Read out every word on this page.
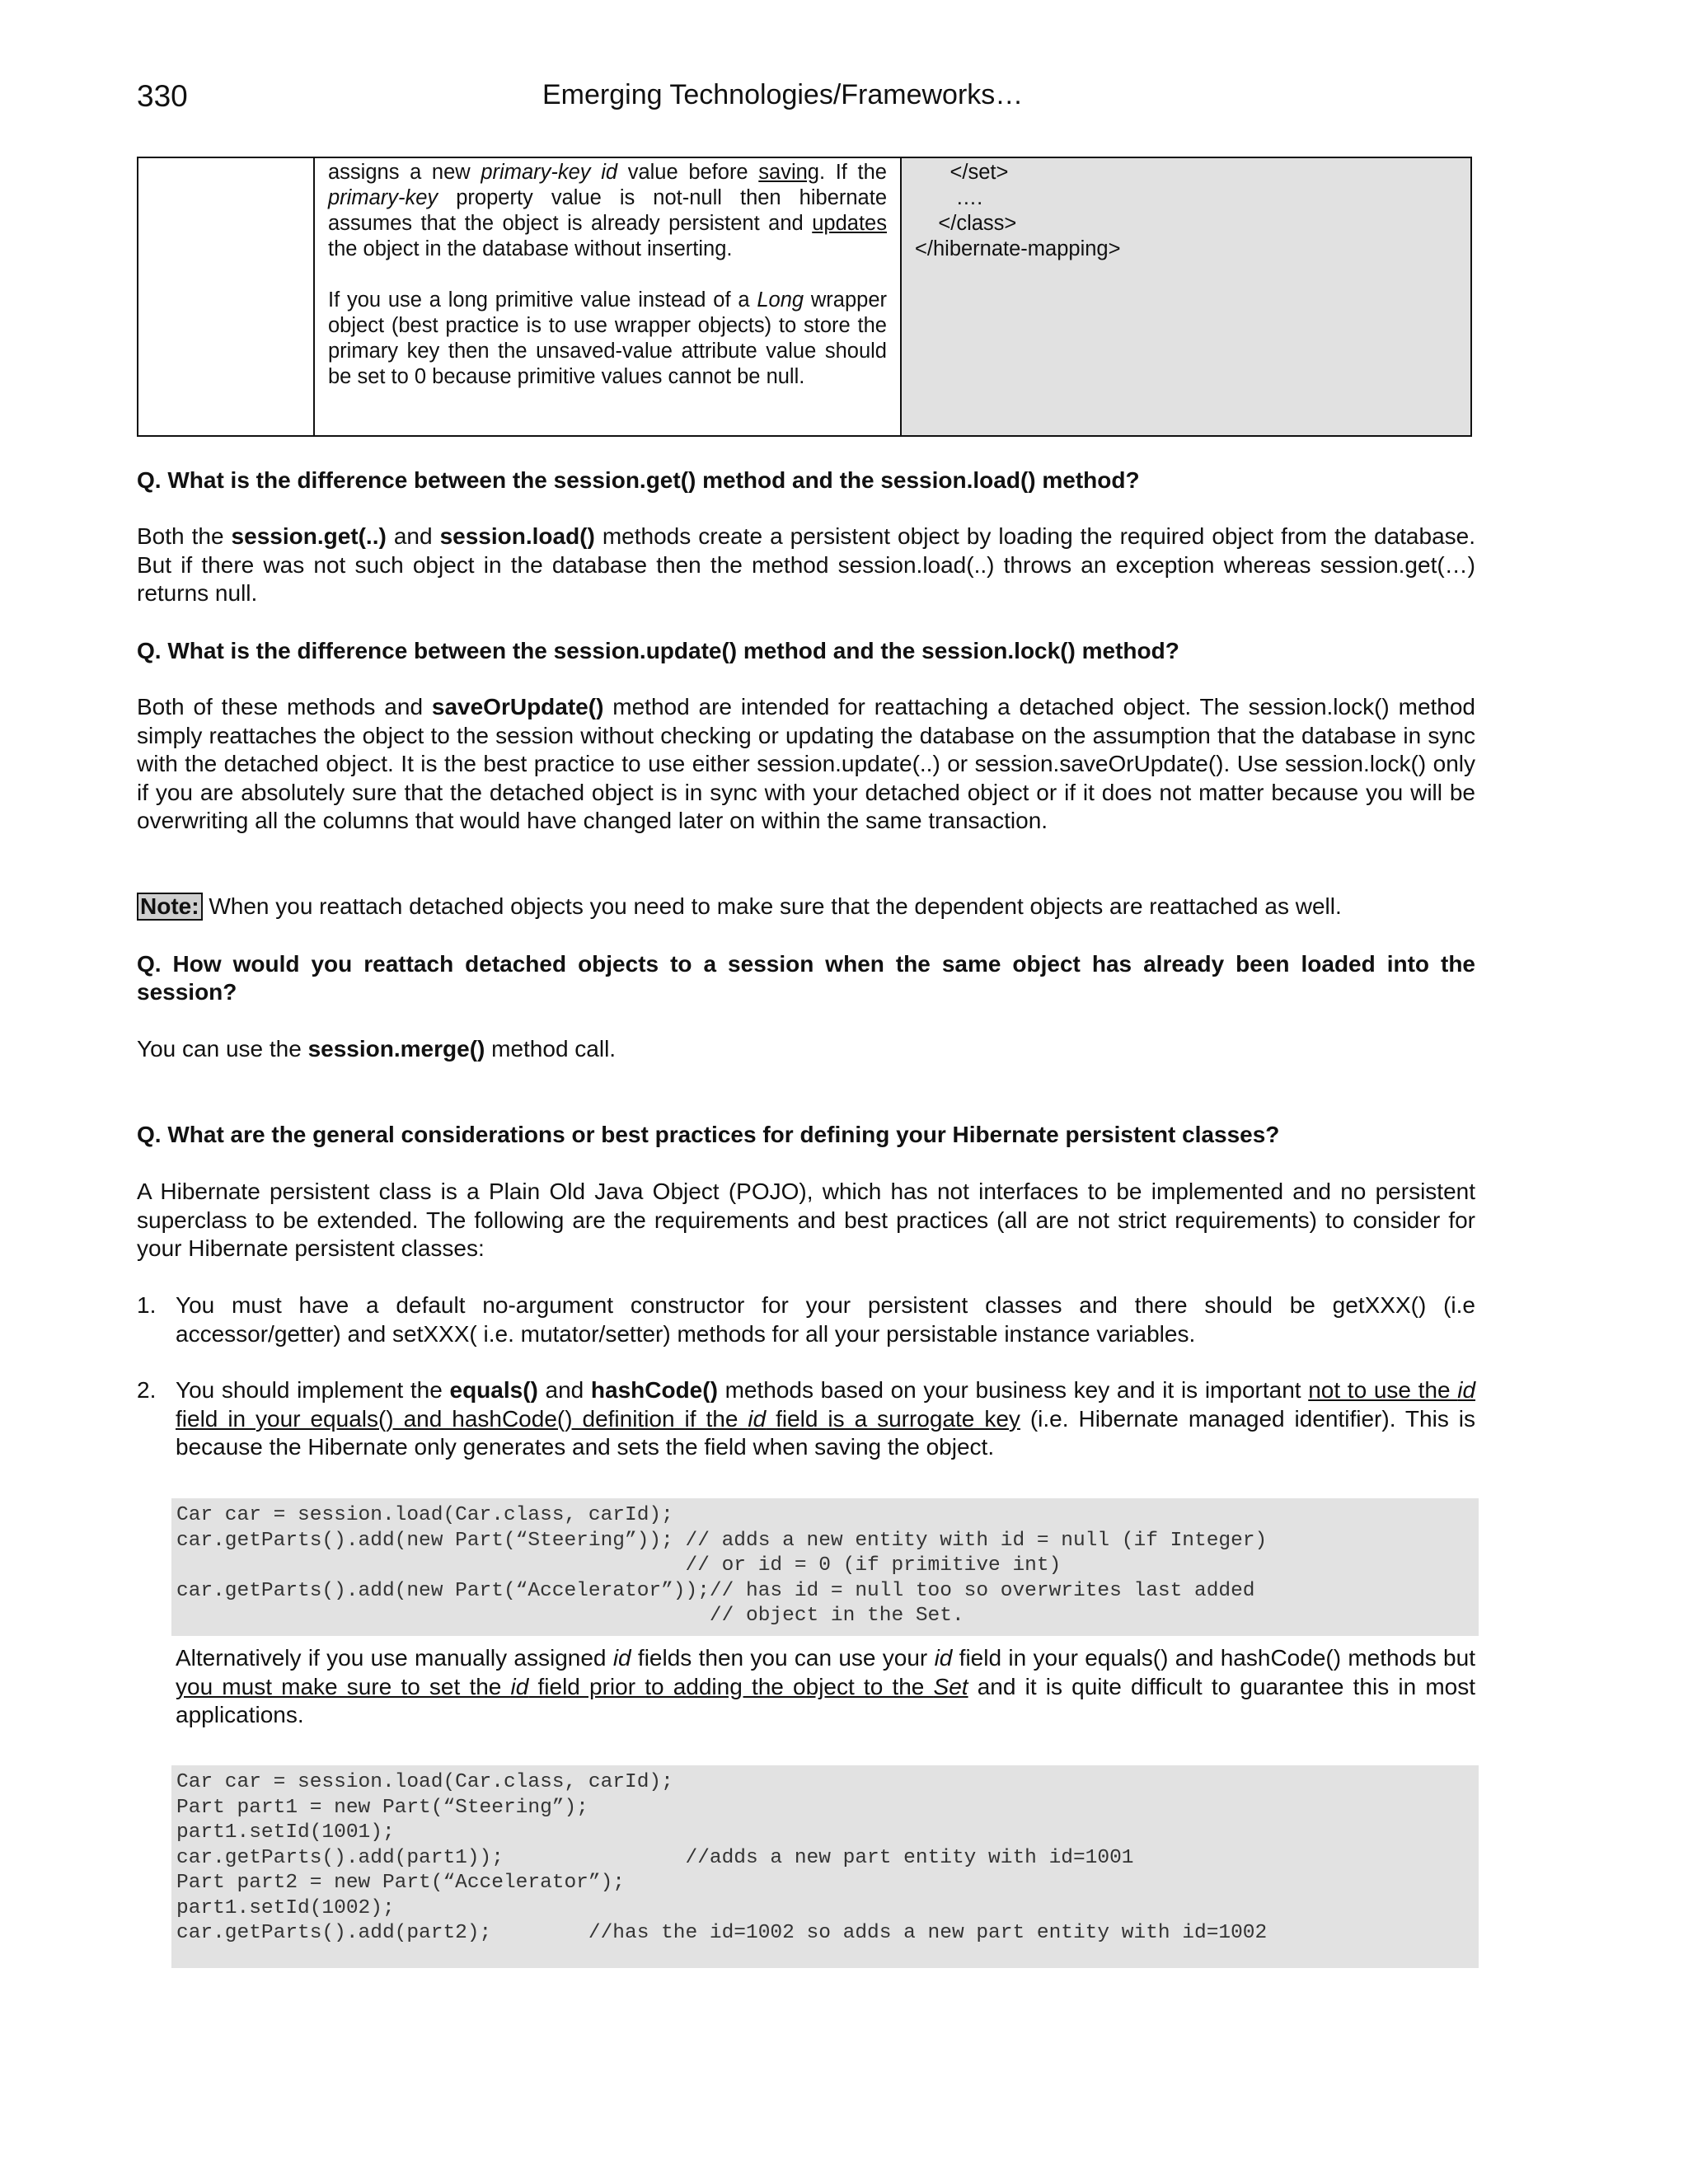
330	Emerging Technologies/Frameworks…

assigns a new primary-key id value before saving. If the primary-key property value is not-null then hibernate assumes that the object is already persistent and updates the object in the database without inserting.

If you use a long primitive value instead of a Long wrapper object (best practice is to use wrapper objects) to store the primary key then the unsaved-value attribute value should be set to 0 because primitive values cannot be null.

</set>
….
</class>
</hibernate-mapping>

Q. What is the difference between the session.get() method and the session.load() method?

Both the session.get(..) and session.load() methods create a persistent object by loading the required object from the database. But if there was not such object in the database then the method session.load(..) throws an exception whereas session.get(…) returns null.

Q. What is the difference between the session.update() method and the session.lock() method?

Both of these methods and saveOrUpdate() method are intended for reattaching a detached object. The session.lock() method simply reattaches the object to the session without checking or updating the database on the assumption that the database in sync with the detached object. It is the best practice to use either session.update(..) or session.saveOrUpdate(). Use session.lock() only if you are absolutely sure that the detached object is in sync with your detached object or if it does not matter because you will be overwriting all the columns that would have changed later on within the same transaction.

Note: When you reattach detached objects you need to make sure that the dependent objects are reattached as well.

Q. How would you reattach detached objects to a session when the same object has already been loaded into the session?

You can use the session.merge() method call.

Q. What are the general considerations or best practices for defining your Hibernate persistent classes?

A Hibernate persistent class is a Plain Old Java Object (POJO), which has not interfaces to be implemented and no persistent superclass to be extended. The following are the requirements and best practices (all are not strict requirements) to consider for your Hibernate persistent classes:

1. You must have a default no-argument constructor for your persistent classes and there should be getXXX() (i.e accessor/getter) and setXXX( i.e. mutator/setter) methods for all your persistable instance variables.
2. You should implement the equals() and hashCode() methods based on your business key and it is important not to use the id field in your equals() and hashCode() definition if the id field is a surrogate key (i.e. Hibernate managed identifier). This is because the Hibernate only generates and sets the field when saving the object.
Car car = session.load(Car.class, carId);
car.getParts().add(new Part(“Steering”)); // adds a new entity with id = null (if Integer)
// or id = 0 (if primitive int)
car.getParts().add(new Part(“Accelerator”));// has id = null too so overwrites last added
// object in the Set.

Alternatively if you use manually assigned id fields then you can use your id field in your equals() and hashCode() methods but you must make sure to set the id field prior to adding the object to the Set and it is quite difficult to guarantee this in most applications.

Car car = session.load(Car.class, carId);
Part part1 = new Part(“Steering”);
part1.setId(1001);
car.getParts().add(part1));               //adds a new part entity with id=1001
Part part2 = new Part(“Accelerator”);
part1.setId(1002);
car.getParts().add(part2);        //has the id=1002 so adds a new part entity with id=1002
